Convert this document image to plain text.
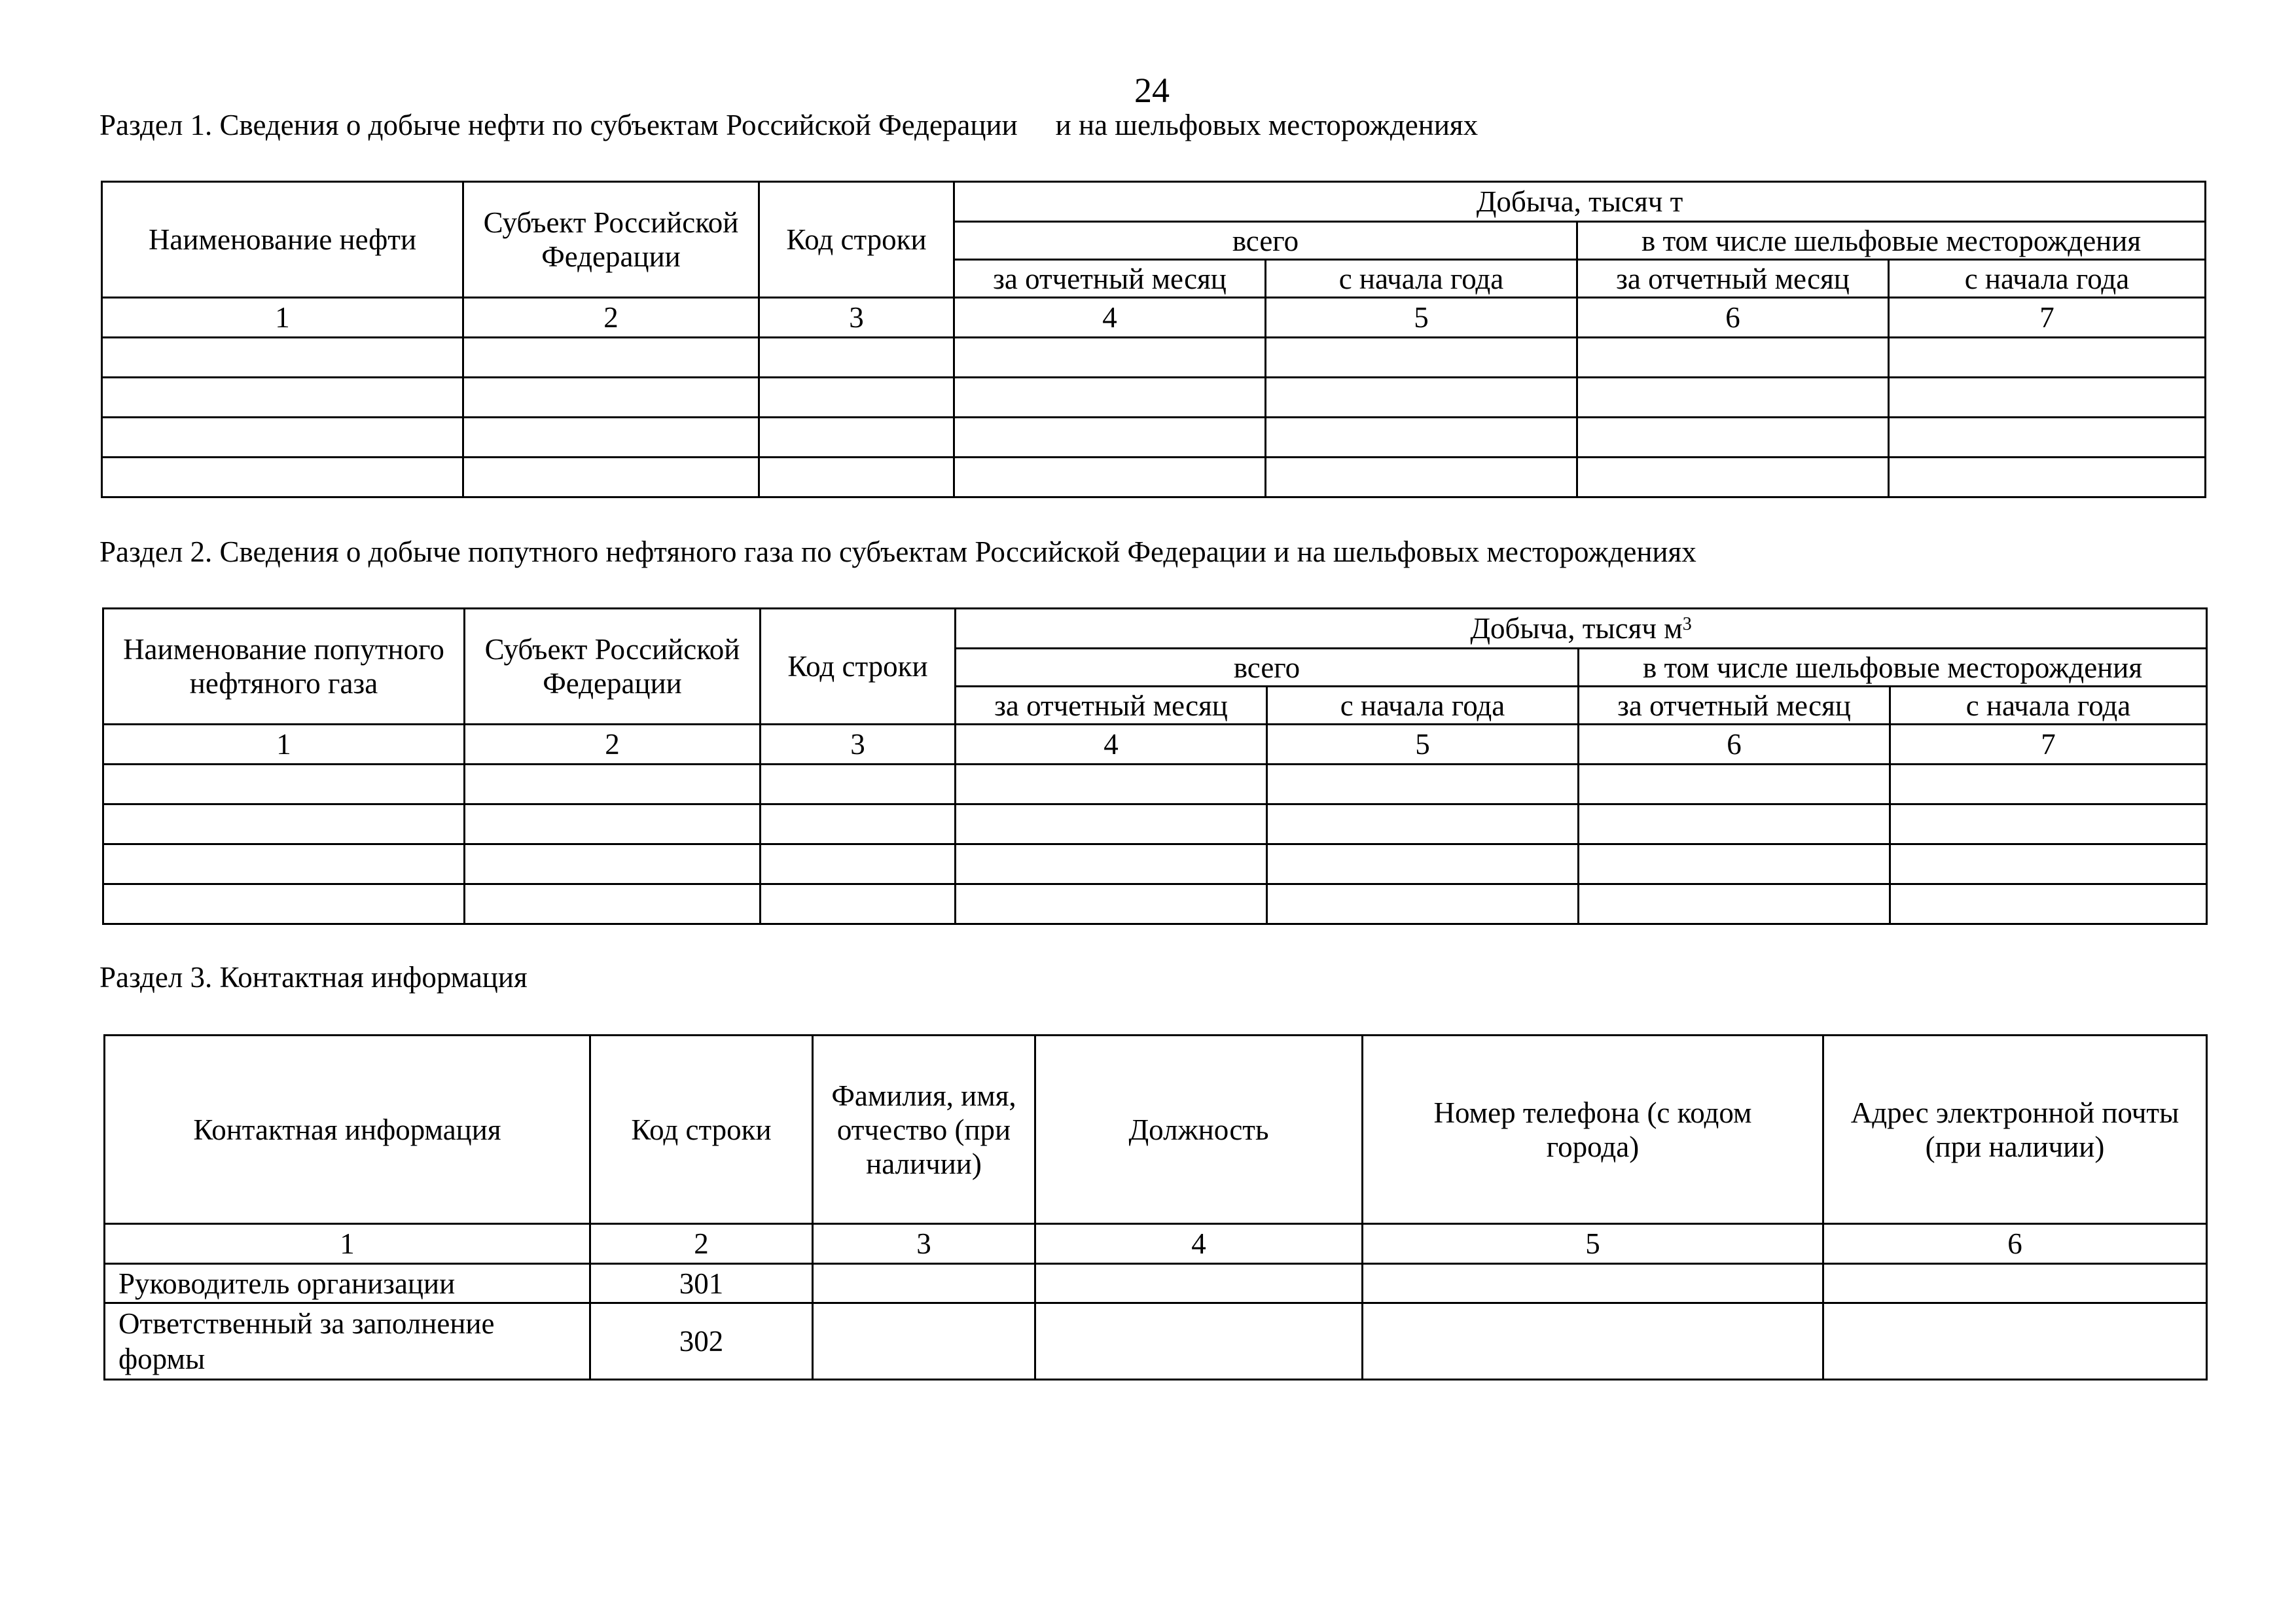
24
Раздел 1. Сведения о добыче нефти по субъектам Российской Федерации и на шельфовых месторождениях
Наименование нефти	Субъект Российской Федерации	Код строки	Добыча, тысяч т			
			всего		в том числе шельфовые месторождения	
			за отчетный месяц	с начала года	за отчетный месяц	с начала года
1	2	3	4	5	6	7

Раздел 2. Сведения о добыче попутного нефтяного газа по субъектам Российской Федерации и на шельфовых месторождениях
Наименование попутного нефтяного газа	Субъект Российской Федерации	Код строки	Добыча, тысяч $м^3$
			всего		в том числе шельфовые месторождения	
			за отчетный месяц	с начала года	за отчетный месяц	с начала года
1	2	3	4	5	6	7

Раздел 3. Контактная информация
Контактная информация	Код строки	Фамилия, имя, отчество (при наличии)	Должность	Номер телефона (с кодом города)	Адрес электронной почты (при наличии)
1	2	3	4	5	6
Руководитель организации	301				
Ответственный за заполнение формы	302				
